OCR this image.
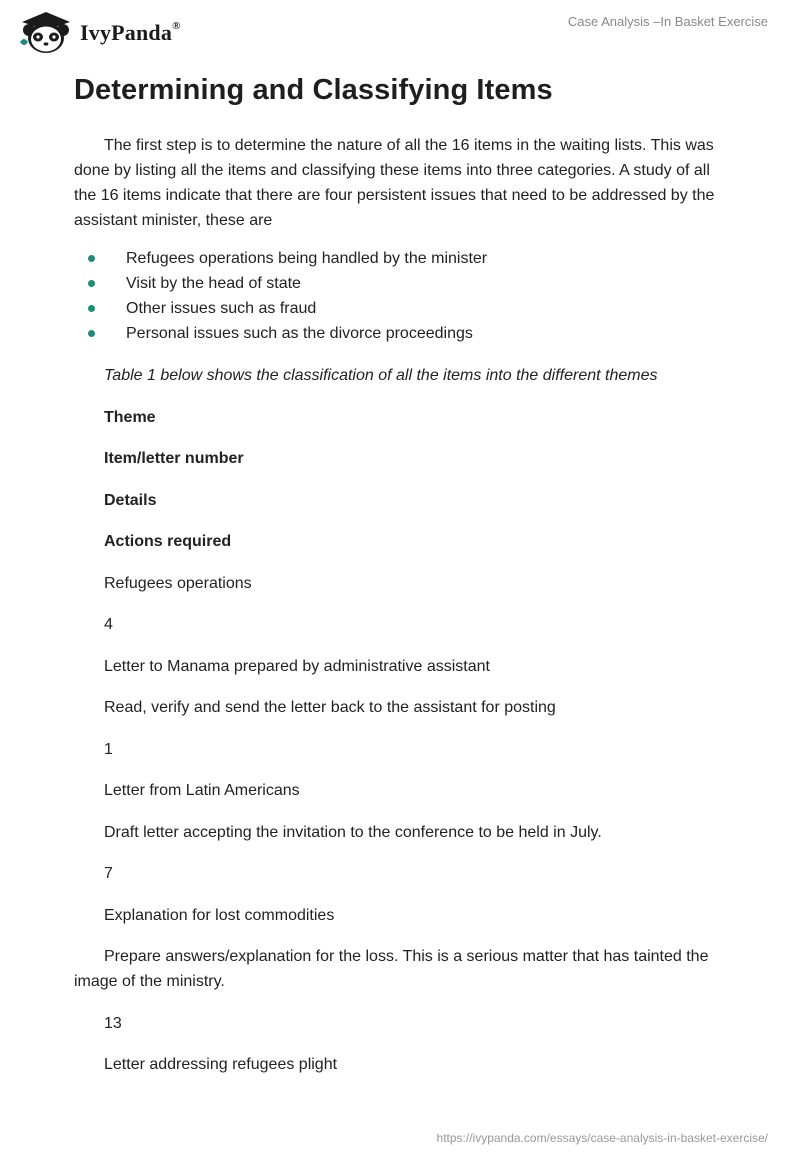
IvyPanda®	Case Analysis –In Basket Exercise
Determining and Classifying Items

The first step is to determine the nature of all the 16 items in the waiting lists. This was done by listing all the items and classifying these items into three categories. A study of all the 16 items indicate that there are four persistent issues that need to be addressed by the assistant minister, these are

Refugees operations being handled by the minister
Visit by the head of state
Other issues such as fraud
Personal issues such as the divorce proceedings

Table 1 below shows the classification of all the items into the different themes

Theme

Item/letter number

Details

Actions required

Refugees operations

4

Letter to Manama prepared by administrative assistant

Read, verify and send the letter back to the assistant for posting

1

Letter from Latin Americans

Draft letter accepting the invitation to the conference to be held in July.

7

Explanation for lost commodities

Prepare answers/explanation for the loss. This is a serious matter that has tainted the image of the ministry.

13

Letter addressing refugees plight

https://ivypanda.com/essays/case-analysis-in-basket-exercise/
